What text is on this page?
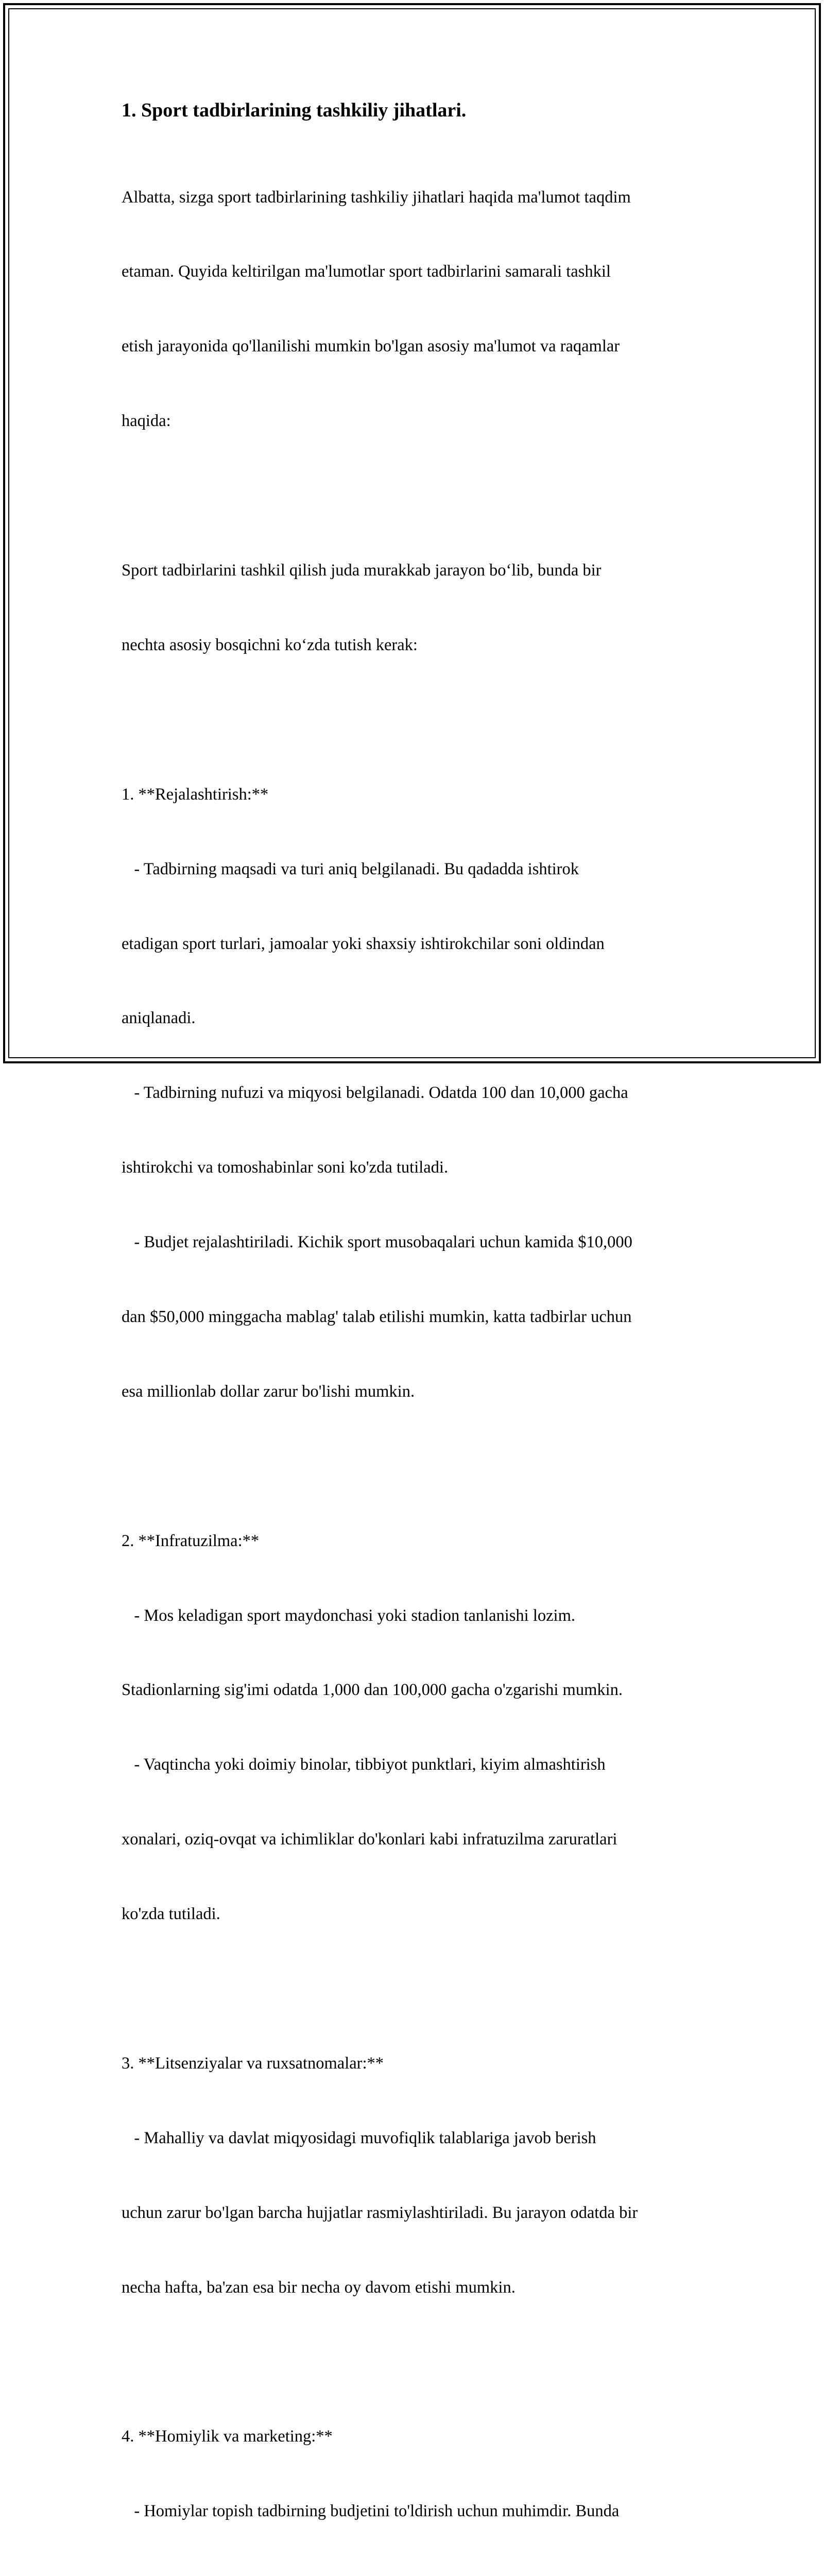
1. Sport tadbirlarining tashkiliy jihatlari.

Albatta, sizga sport tadbirlarining tashkiliy jihatlari haqida ma'lumot taqdim

etaman. Quyida keltirilgan ma'lumotlar sport tadbirlarini samarali tashkil

etish jarayonida qo'llanilishi mumkin bo'lgan asosiy ma'lumot va raqamlar

haqida:

Sport tadbirlarini tashkil qilish juda murakkab jarayon bo‘lib, bunda bir

nechta asosiy bosqichni ko‘zda tutish kerak:

1. **Rejalashtirish:**

- Tadbirning maqsadi va turi aniq belgilanadi. Bu qadadda ishtirok

etadigan sport turlari, jamoalar yoki shaxsiy ishtirokchilar soni oldindan

aniqlanadi.

- Tadbirning nufuzi va miqyosi belgilanadi. Odatda 100 dan 10,000 gacha

ishtirokchi va tomoshabinlar soni ko'zda tutiladi.

- Budjet rejalashtiriladi. Kichik sport musobaqalari uchun kamida $10,000

dan $50,000 minggacha mablag' talab etilishi mumkin, katta tadbirlar uchun

esa millionlab dollar zarur bo'lishi mumkin.

2. **Infratuzilma:**

- Mos keladigan sport maydonchasi yoki stadion tanlanishi lozim.

Stadionlarning sig'imi odatda 1,000 dan 100,000 gacha o'zgarishi mumkin.

- Vaqtincha yoki doimiy binolar, tibbiyot punktlari, kiyim almashtirish

xonalari, oziq-ovqat va ichimliklar do'konlari kabi infratuzilma zaruratlari

ko'zda tutiladi.

3. **Litsenziyalar va ruxsatnomalar:**

- Mahalliy va davlat miqyosidagi muvofiqlik talablariga javob berish

uchun zarur bo'lgan barcha hujjatlar rasmiylashtiriladi. Bu jarayon odatda bir

necha hafta, ba'zan esa bir necha oy davom etishi mumkin.

4. **Homiylik va marketing:**

- Homiylar topish tadbirning budjetini to'ldirish uchun muhimdir. Bunda
